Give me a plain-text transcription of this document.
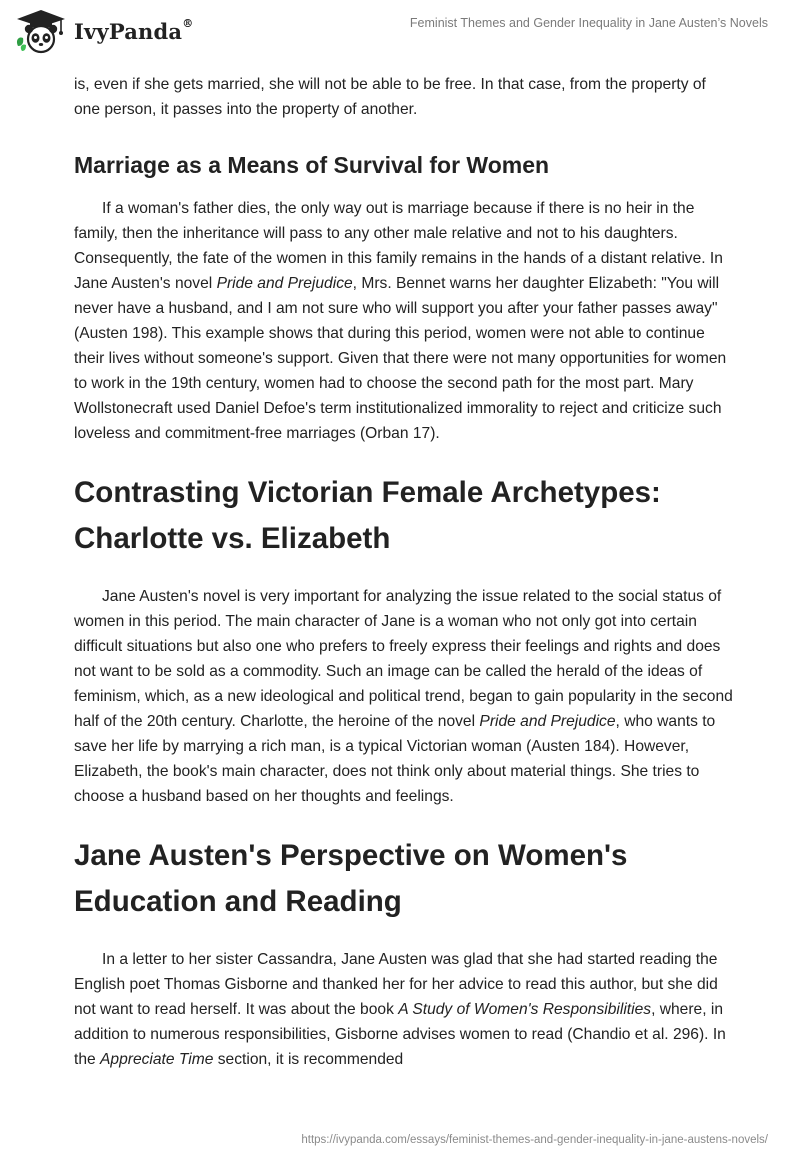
IvyPanda®	Feminist Themes and Gender Inequality in Jane Austen’s Novels

is, even if she gets married, she will not be able to be free. In that case, from the property of one person, it passes into the property of another.

Marriage as a Means of Survival for Women

If a woman's father dies, the only way out is marriage because if there is no heir in the family, then the inheritance will pass to any other male relative and not to his daughters. Consequently, the fate of the women in this family remains in the hands of a distant relative. In Jane Austen's novel Pride and Prejudice, Mrs. Bennet warns her daughter Elizabeth: "You will never have a husband, and I am not sure who will support you after your father passes away" (Austen 198). This example shows that during this period, women were not able to continue their lives without someone's support. Given that there were not many opportunities for women to work in the 19th century, women had to choose the second path for the most part. Mary Wollstonecraft used Daniel Defoe's term institutionalized immorality to reject and criticize such loveless and commitment-free marriages (Orban 17).

Contrasting Victorian Female Archetypes: Charlotte vs. Elizabeth

Jane Austen's novel is very important for analyzing the issue related to the social status of women in this period. The main character of Jane is a woman who not only got into certain difficult situations but also one who prefers to freely express their feelings and rights and does not want to be sold as a commodity. Such an image can be called the herald of the ideas of feminism, which, as a new ideological and political trend, began to gain popularity in the second half of the 20th century. Charlotte, the heroine of the novel Pride and Prejudice, who wants to save her life by marrying a rich man, is a typical Victorian woman (Austen 184). However, Elizabeth, the book's main character, does not think only about material things. She tries to choose a husband based on her thoughts and feelings.

Jane Austen's Perspective on Women's Education and Reading

In a letter to her sister Cassandra, Jane Austen was glad that she had started reading the English poet Thomas Gisborne and thanked her for her advice to read this author, but she did not want to read herself. It was about the book A Study of Women's Responsibilities, where, in addition to numerous responsibilities, Gisborne advises women to read (Chandio et al. 296). In the Appreciate Time section, it is recommended

https://ivypanda.com/essays/feminist-themes-and-gender-inequality-in-jane-austens-novels/
